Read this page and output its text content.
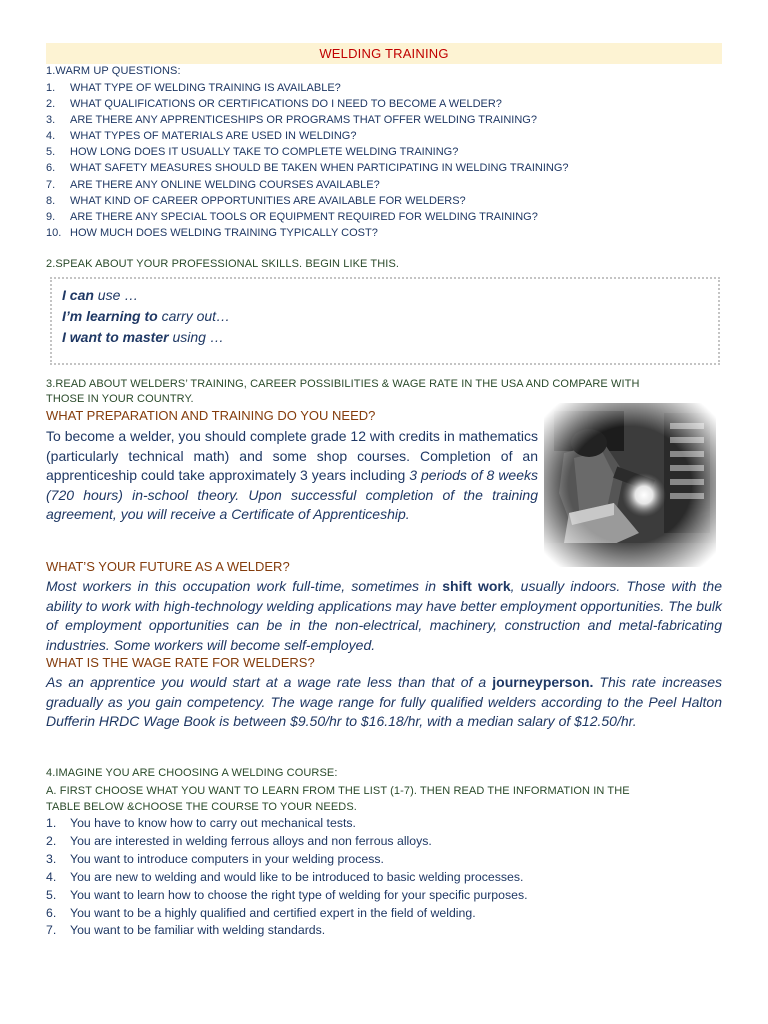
WELDING TRAINING
1.WARM UP QUESTIONS:
1. WHAT TYPE OF WELDING TRAINING IS AVAILABLE?
2. WHAT QUALIFICATIONS OR CERTIFICATIONS DO I NEED TO BECOME A WELDER?
3. ARE THERE ANY APPRENTICESHIPS OR PROGRAMS THAT OFFER WELDING TRAINING?
4. WHAT TYPES OF MATERIALS ARE USED IN WELDING?
5. HOW LONG DOES IT USUALLY TAKE TO COMPLETE WELDING TRAINING?
6. WHAT SAFETY MEASURES SHOULD BE TAKEN WHEN PARTICIPATING IN WELDING TRAINING?
7. ARE THERE ANY ONLINE WELDING COURSES AVAILABLE?
8. WHAT KIND OF CAREER OPPORTUNITIES ARE AVAILABLE FOR WELDERS?
9. ARE THERE ANY SPECIAL TOOLS OR EQUIPMENT REQUIRED FOR WELDING TRAINING?
10. HOW MUCH DOES WELDING TRAINING TYPICALLY COST?
2.SPEAK ABOUT YOUR PROFESSIONAL SKILLS. BEGIN LIKE THIS.
I can use …
I’m learning to carry out…
I want to master using …
3.READ ABOUT WELDERS’ TRAINING, CAREER POSSIBILITIES & WAGE RATE IN THE USA AND COMPARE WITH
THOSE IN YOUR COUNTRY.
WHAT PREPARATION AND TRAINING DO YOU NEED?
To become a welder, you should complete grade 12 with credits in mathematics (particularly technical math) and some shop courses. Completion of an apprenticeship could take approximately 3 years including 3 periods of 8 weeks (720 hours) in-school theory. Upon successful completion of the training agreement, you will receive a Certificate of Apprenticeship.
WHAT’S YOUR FUTURE AS A WELDER?
Most workers in this occupation work full-time, sometimes in shift work, usually indoors. Those with the ability to work with high-technology welding applications may have better employment opportunities. The bulk of employment opportunities can be in the non-electrical, machinery, construction and metal-fabricating industries. Some workers will become self-employed.
WHAT IS THE WAGE RATE FOR WELDERS?
As an apprentice you would start at a wage rate less than that of a journeyperson. This rate increases gradually as you gain competency. The wage range for fully qualified welders according to the Peel Halton Dufferin HRDC Wage Book is between $9.50/hr to $16.18/hr, with a median salary of $12.50/hr.
4.IMAGINE YOU ARE CHOOSING A WELDING COURSE:
A. FIRST CHOOSE WHAT YOU WANT TO LEARN FROM THE LIST (1-7). THEN READ THE INFORMATION IN THE
TABLE BELOW &CHOOSE THE COURSE TO YOUR NEEDS.
1. You have to know how to carry out mechanical tests.
2. You are interested in welding ferrous alloys and non ferrous alloys.
3. You want to introduce computers in your welding process.
4. You are new to welding and would like to be introduced to basic welding processes.
5. You want to learn how to choose the right type of welding for your specific purposes.
6. You want to be a highly qualified and certified expert in the field of welding.
7. You want to be familiar with welding standards.
